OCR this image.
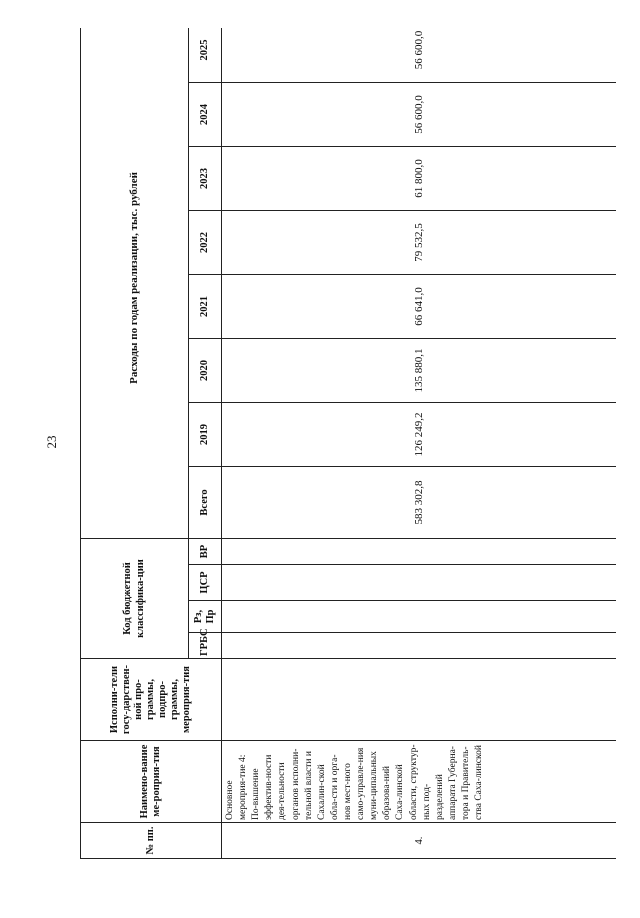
23
№ пп.	Наимено-вание ме-роприя-тия	Исполни-тели госу-дарствен-ной про-граммы, подпро-граммы, мероприя-тия	Код бюджетной классифика-ции				Расходы по годам реализации, тыс. рублей							
			ГРБС	Рз, Пр	ЦСР	ВР	Всего	2019	2020	2021	2022	2023	2024	2025
4.	Основное мероприя-тие 4: По-вышение эффектив-ности дея-тельности органов исполни-тельной власти и Сахалин-ской обла-сти и орга-нов мест-ного само-управле-ния муни-ципальных образова-ний Саха-линской области, структур-ных под-разделений аппарата Губерна-тора и Правитель-ства Саха-линской						583 302,8	126 249,2	135 880,1	66 641,0	79 532,5	61 800,0	56 600,0	56 600,0
